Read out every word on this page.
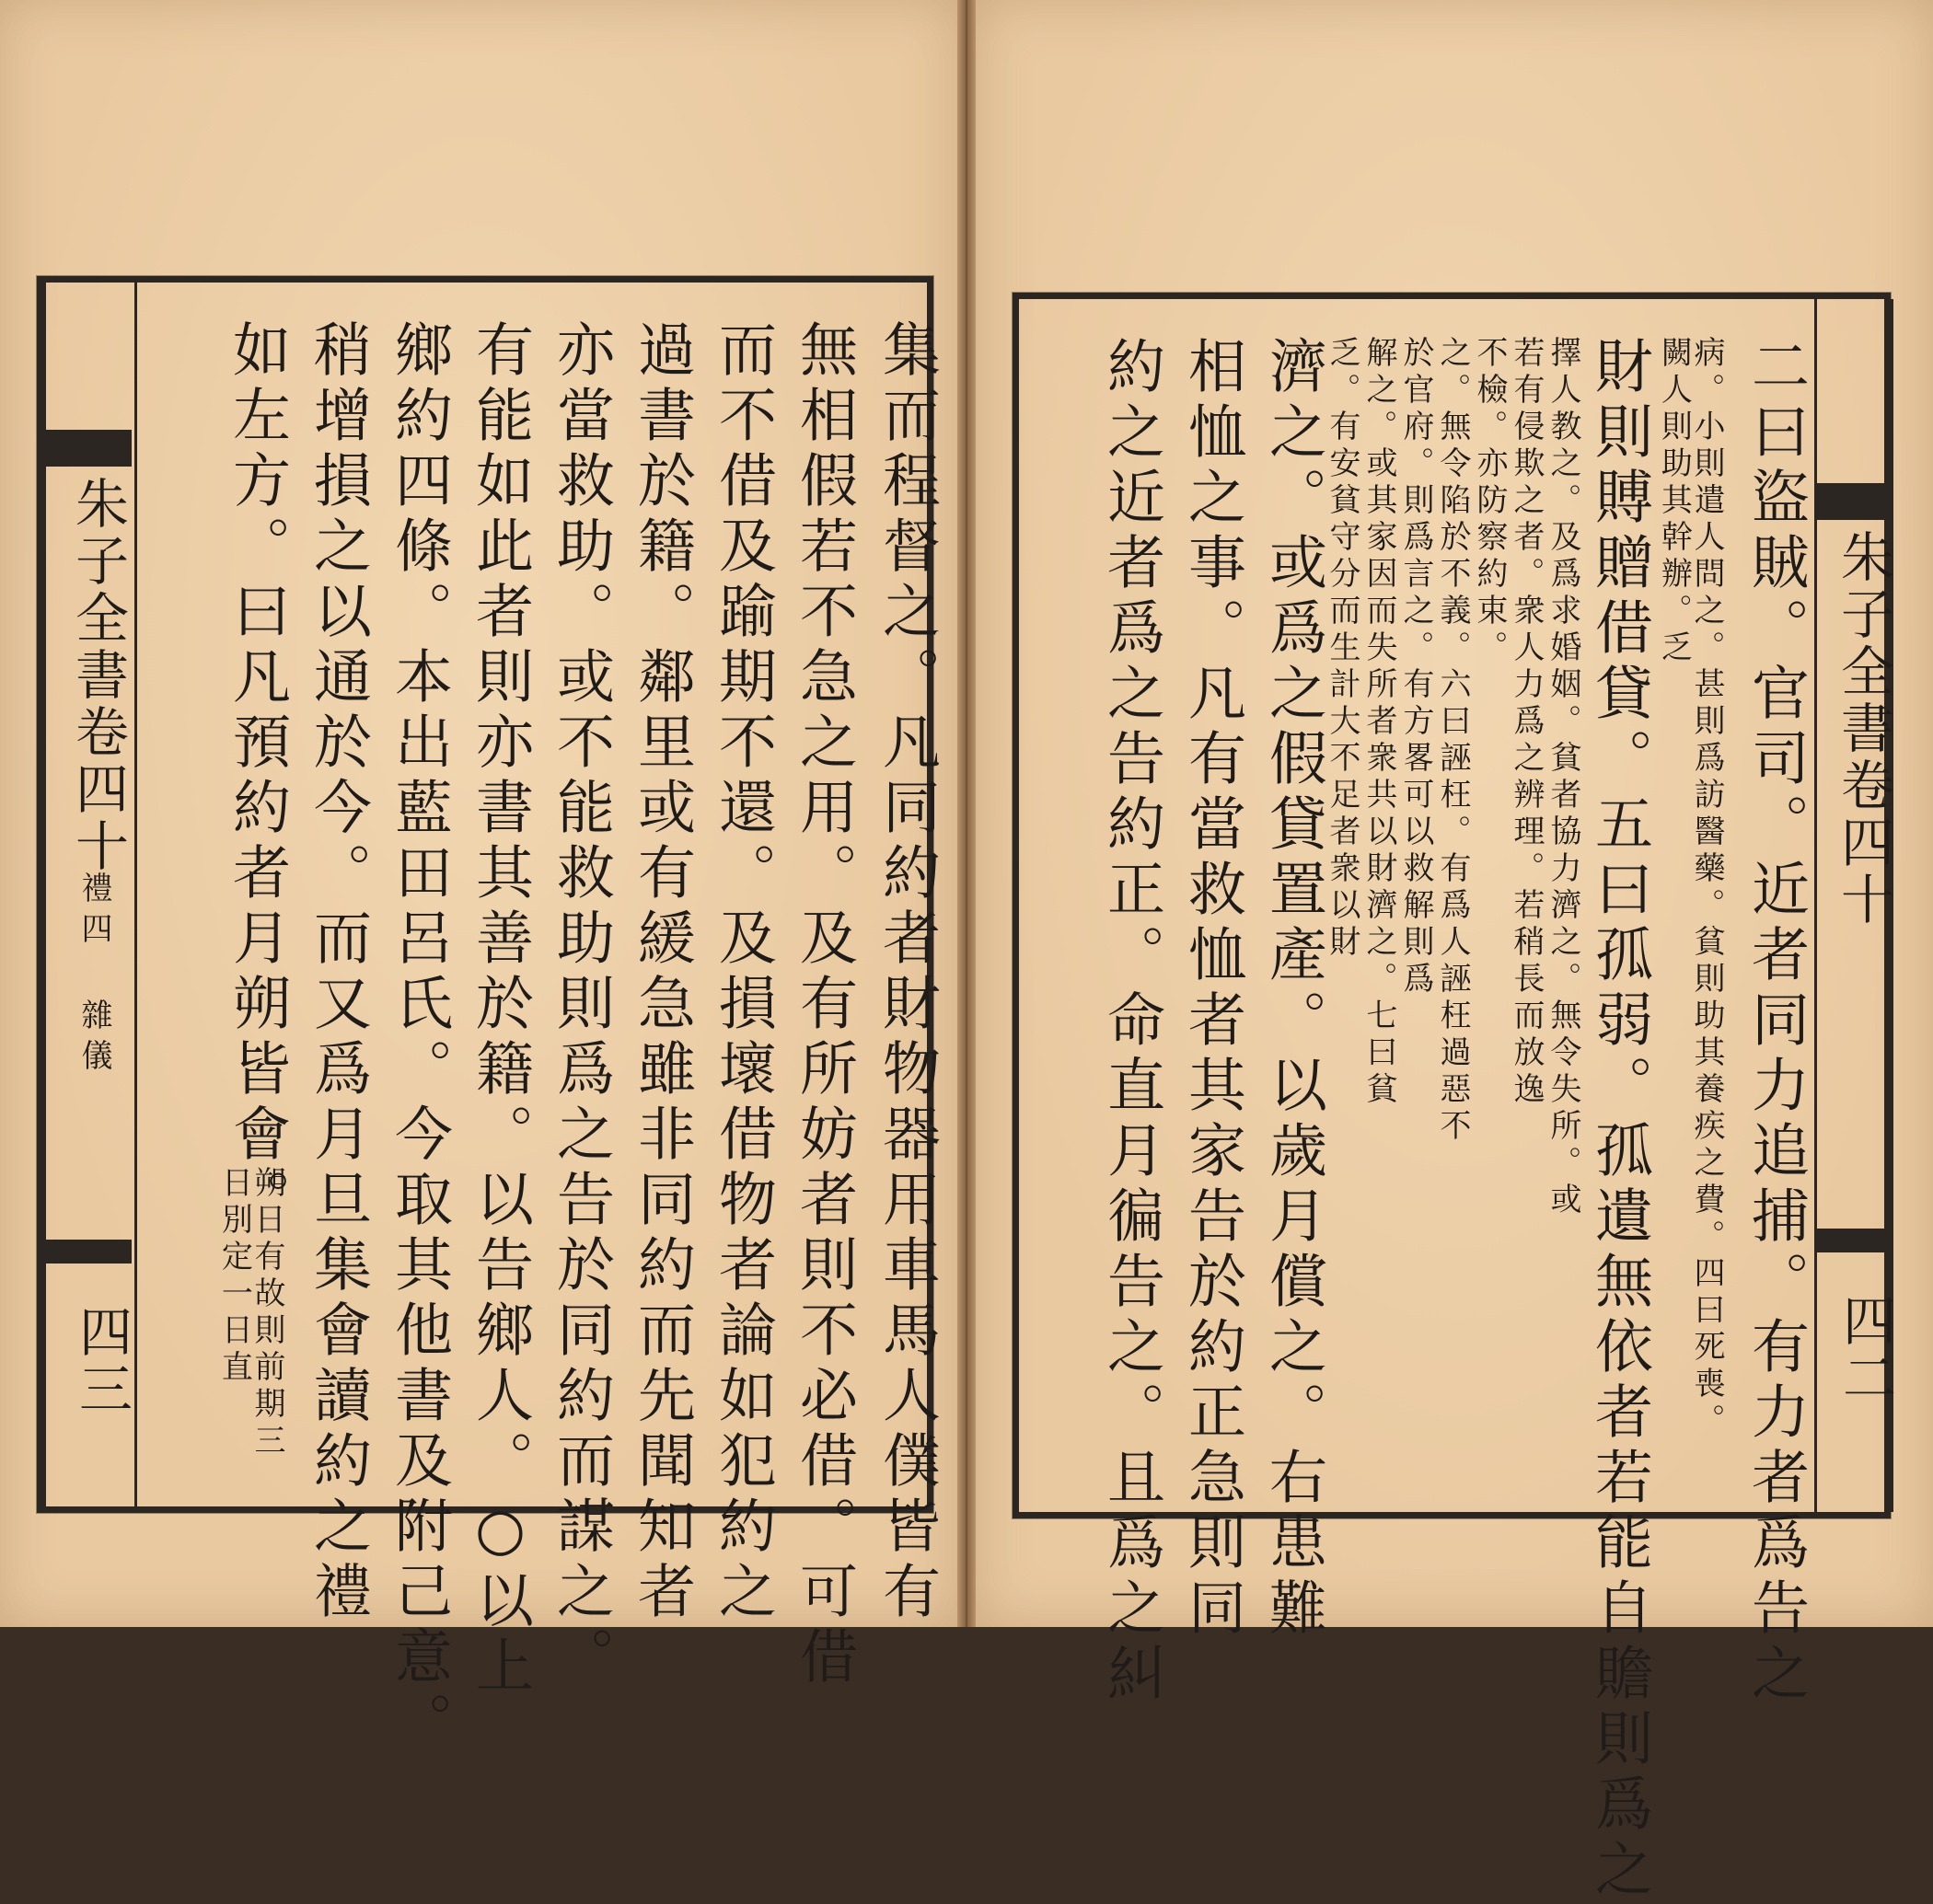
集而程督之。凡同約者財物器用車馬人僕皆有
無相假若不急之用。及有所妨者則不必借。可借
而不借及踰期不還。及損壞借物者論如犯約之
過書於籍。鄰里或有緩急雖非同約而先聞知者
亦當救助。或不能救助則爲之告於同約而謀之。
有能如此者則亦書其善於籍。以告鄉人。○以上
鄉約四條。本出藍田呂氏。今取其他書及附己意。
稍增損之以通於今。而又爲月旦集會讀約之禮
如左方。曰凡預約者月朔皆會。
朔日有故則前期三日別定一日直
朱子全書卷四十
禮四 雜儀
四三
朱子全書卷四十
四二
二曰盜賊。官司。近者同力追捕。有力者爲告之
病。小則遣人問之。甚則爲訪醫藥。貧則助其養疾之費。四曰死喪。闕人則助其幹辦。乏
財則賻贈借貸。五曰孤弱。孤遺無依者若能自贍則爲之
擇人教之。及爲求婚姻。貧者協力濟之。無令失所。或
若有侵欺之者。衆人力爲之辨理。若稍長而放逸
不檢。亦防察約束。
之。無令陷於不義。六曰誣枉。有爲人誣枉過惡不
於官府。則爲言之。有方畧可以救解則爲
解之。或其家因而失所者衆共以財濟之。七曰貧
乏。有安貧守分而生計大不足者衆以財
濟之。或爲之假貸置產。以歲月償之。右患難
相恤之事。凡有當救恤者其家告於約正急則同
約之近者爲之告約正。命直月徧告之。且爲之糾
